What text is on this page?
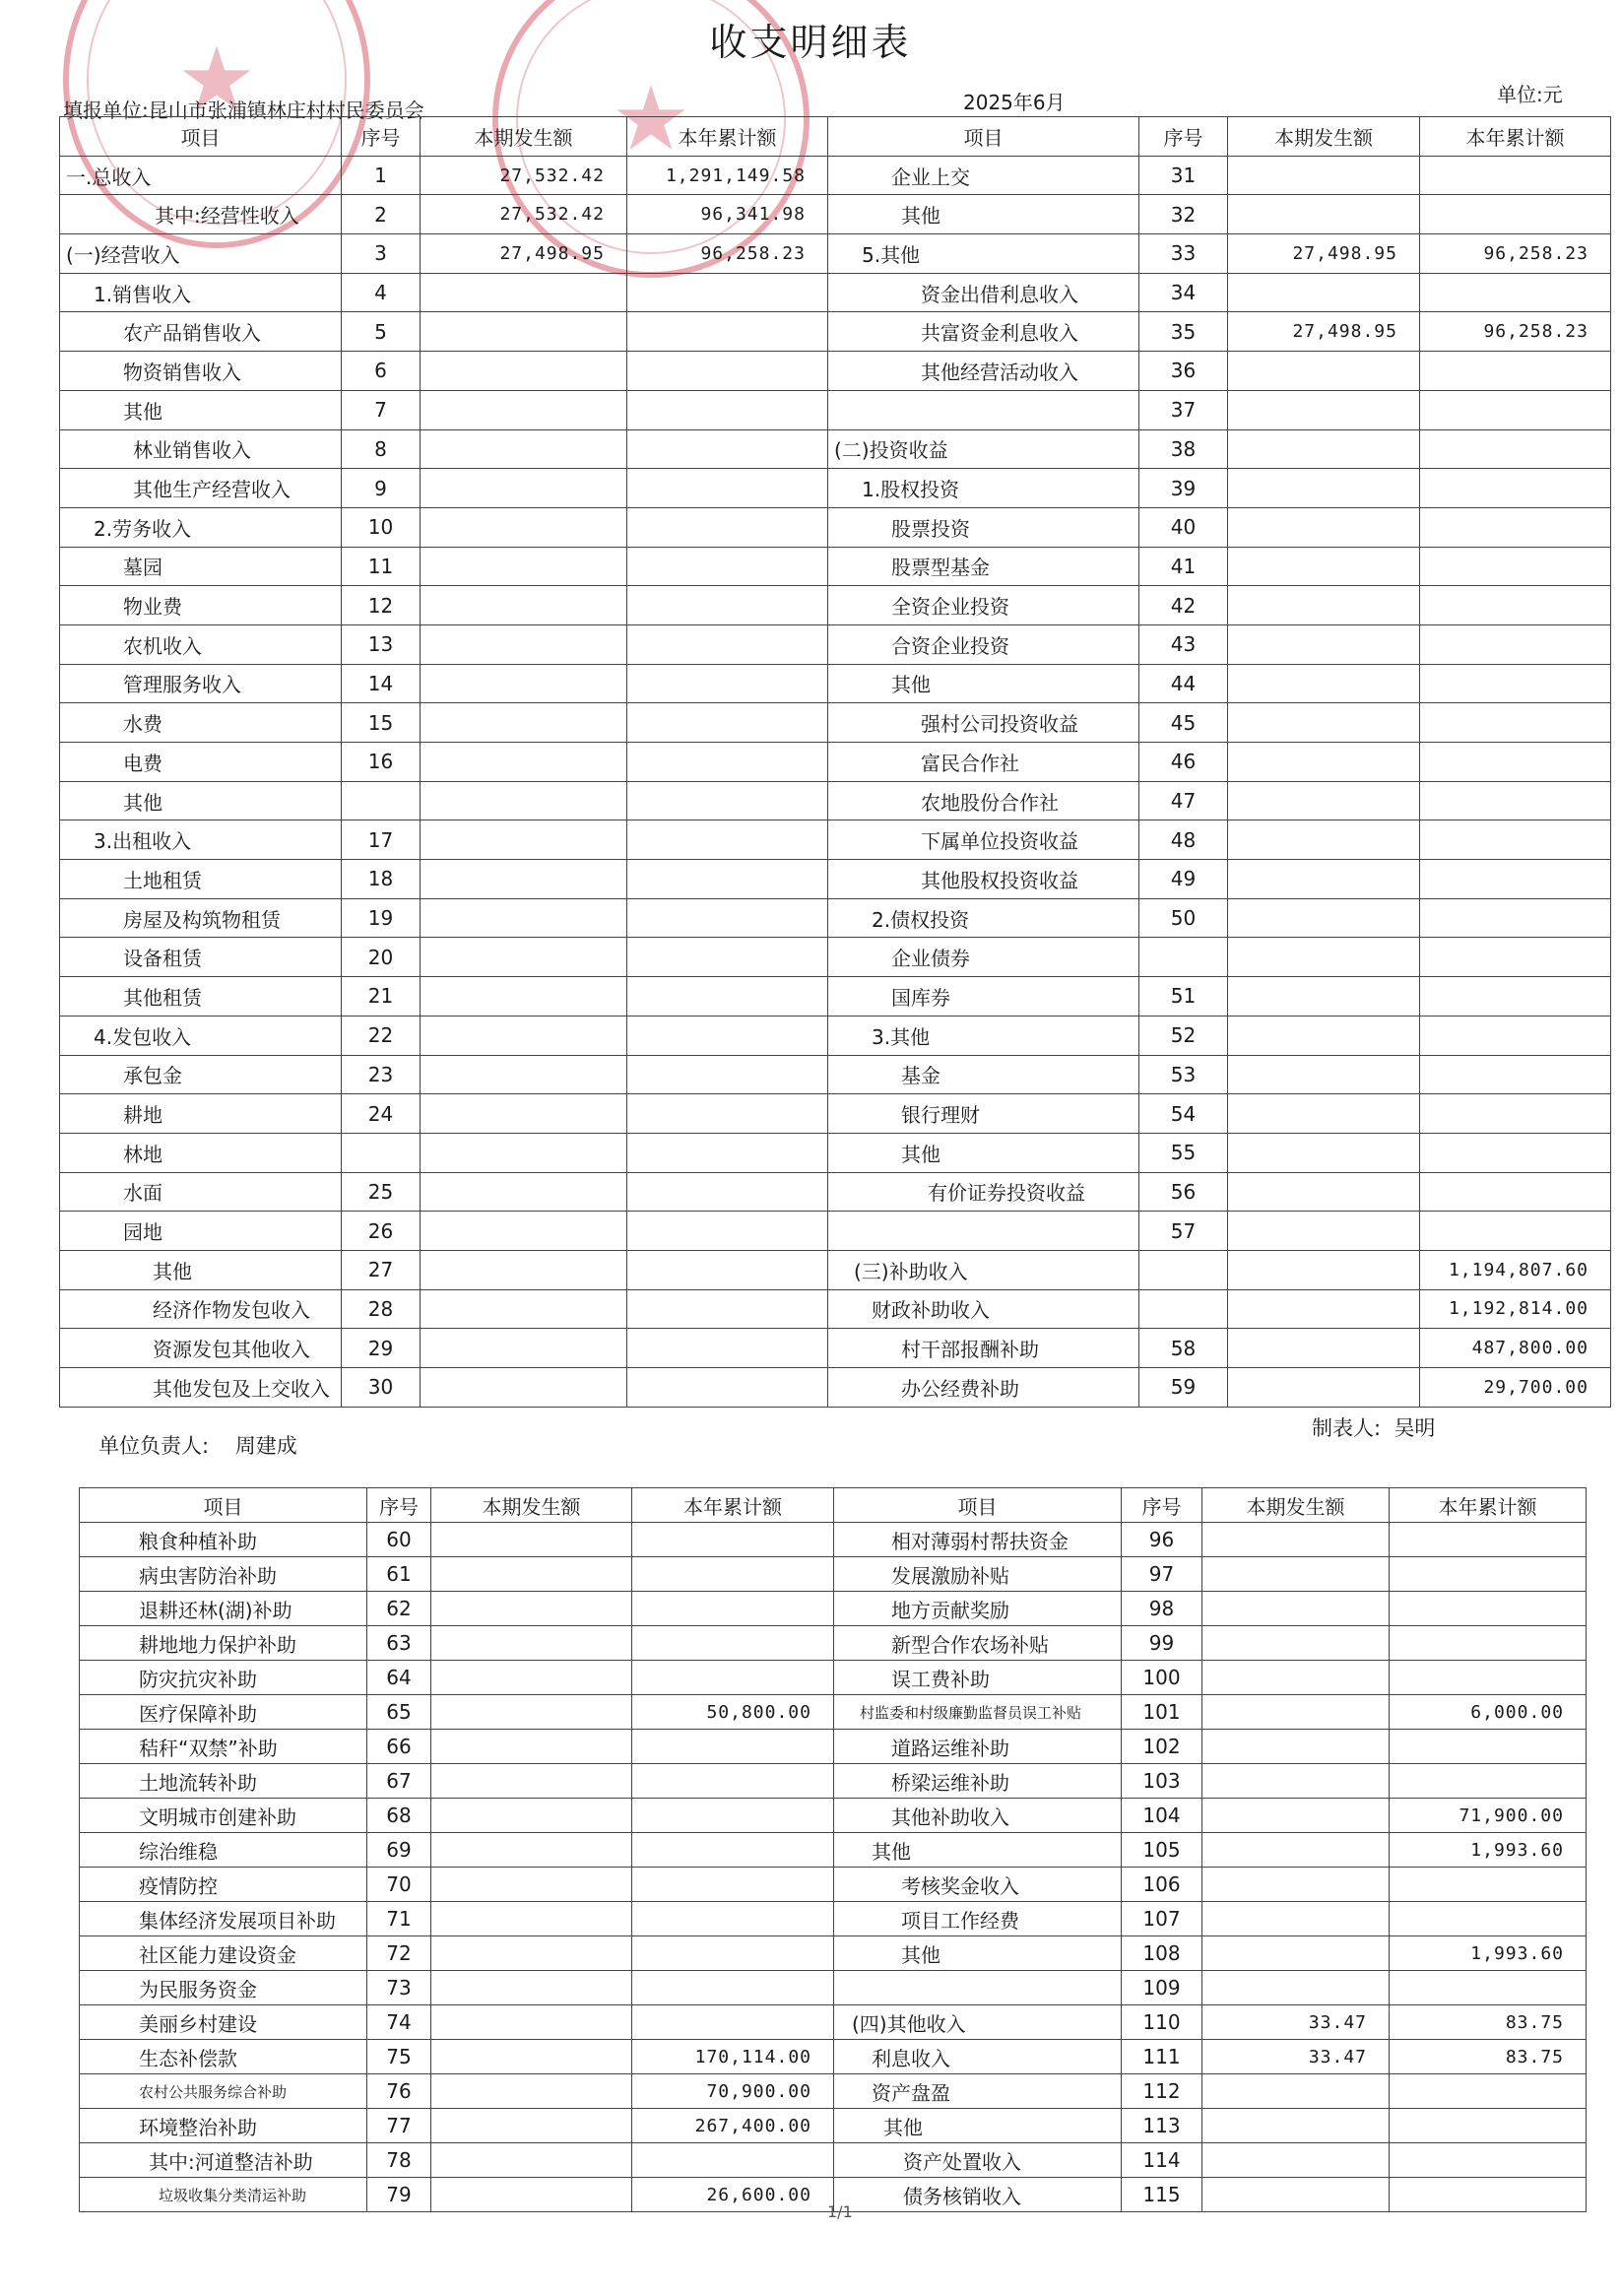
★	★
收支明细表
填报单位:昆山市张浦镇林庄村村民委员会	2025年6月	单位:元
项目	序号	本期发生额	本年累计额	项目	序号	本期发生额	本年累计额
一.总收入	1	27,532.42	1,291,149.58	企业上交	31		
其中:经营性收入	2	27,532.42	96,341.98	其他	32		
(一)经营收入	3	27,498.95	96,258.23	5.其他	33	27,498.95	96,258.23
1.销售收入	4			资金出借利息收入	34		
农产品销售收入	5			共富资金利息收入	35	27,498.95	96,258.23
物资销售收入	6			其他经营活动收入	36		
其他	7				37		
林业销售收入	8			(二)投资收益	38		
其他生产经营收入	9			1.股权投资	39		
2.劳务收入	10			股票投资	40		
墓园	11			股票型基金	41		
物业费	12			全资企业投资	42		
农机收入	13			合资企业投资	43		
管理服务收入	14			其他	44		
水费	15			强村公司投资收益	45		
电费	16			富民合作社	46		
其他				农地股份合作社	47		
3.出租收入	17			下属单位投资收益	48		
土地租赁	18			其他股权投资收益	49		
房屋及构筑物租赁	19			2.债权投资	50		
设备租赁	20			企业债券			
其他租赁	21			国库券	51		
4.发包收入	22			3.其他	52		
承包金	23			基金	53		
耕地	24			银行理财	54		
林地				其他	55		
水面	25			有价证券投资收益	56		
园地	26				57		
其他	27			(三)补助收入			1,194,807.60
经济作物发包收入	28			财政补助收入			1,192,814.00
资源发包其他收入	29			村干部报酬补助	58		487,800.00
其他发包及上交收入	30			办公经费补助	59		29,700.00
单位负责人: 周建成
制表人: 吴明
项目	序号	本期发生额	本年累计额	项目	序号	本期发生额	本年累计额
粮食种植补助	60			相对薄弱村帮扶资金	96		
病虫害防治补助	61			发展激励补贴	97		
退耕还林(湖)补助	62			地方贡献奖励	98		
耕地地力保护补助	63			新型合作农场补贴	99		
防灾抗灾补助	64			误工费补助	100		
医疗保障补助	65		50,800.00	村监委和村级廉勤监督员误工补贴	101		6,000.00
秸秆“双禁”补助	66			道路运维补助	102		
土地流转补助	67			桥梁运维补助	103		
文明城市创建补助	68			其他补助收入	104		71,900.00
综治维稳	69			其他	105		1,993.60
疫情防控	70			考核奖金收入	106		
集体经济发展项目补助	71			项目工作经费	107		
社区能力建设资金	72			其他	108		1,993.60
为民服务资金	73				109		
美丽乡村建设	74			(四)其他收入	110	33.47	83.75
生态补偿款	75		170,114.00	利息收入	111	33.47	83.75
农村公共服务综合补助	76		70,900.00	资产盘盈	112		
环境整治补助	77		267,400.00	其他	113		
其中:河道整洁补助	78			资产处置收入	114		
垃圾收集分类清运补助	79		26,600.00	债务核销收入	115		
1/1
